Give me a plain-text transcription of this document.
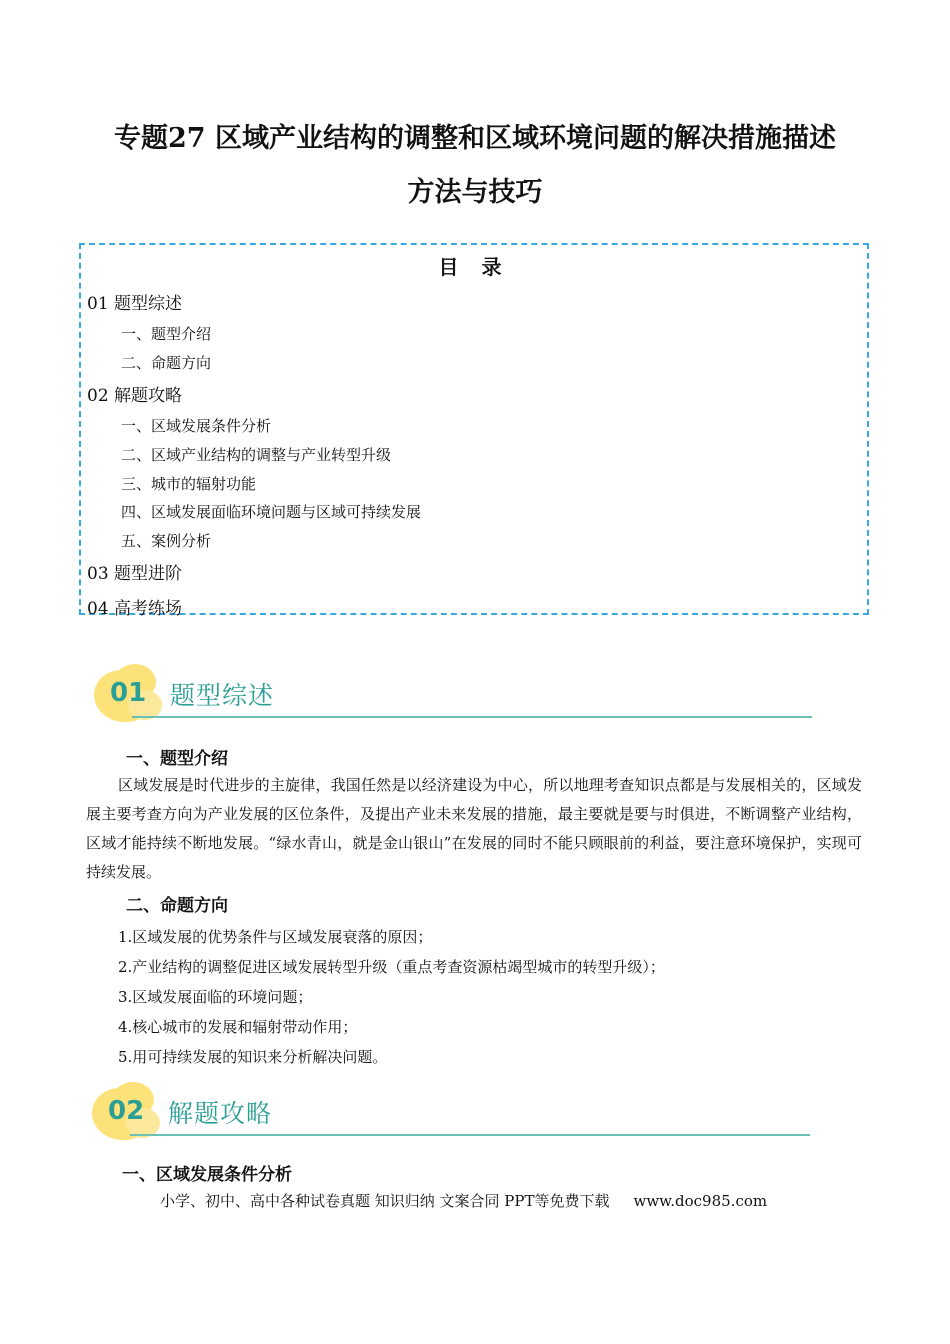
专题27 区域产业结构的调整和区域环境问题的解决措施描述
方法与技巧
目 录
01 题型综述
一、题型介绍
二、命题方向
02 解题攻略
一、区域发展条件分析
二、区域产业结构的调整与产业转型升级
三、城市的辐射功能
四、区域发展面临环境问题与区域可持续发展
五、案例分析
03 题型进阶
04 高考练场
01 题型综述
一、题型介绍
区域发展是时代进步的主旋律，我国任然是以经济建设为中心，所以地理考查知识点都是与发展相关的，区域发展主要考查方向为产业发展的区位条件，及提出产业未来发展的措施，最主要就是要与时俱进，不断调整产业结构，区域才能持续不断地发展。“绿水青山，就是金山银山”在发展的同时不能只顾眼前的利益，要注意环境保护，实现可持续发展。
二、命题方向
1.区域发展的优势条件与区域发展衰落的原因；
2.产业结构的调整促进区域发展转型升级（重点考查资源枯竭型城市的转型升级）；
3.区域发展面临的环境问题；
4.核心城市的发展和辐射带动作用；
5.用可持续发展的知识来分析解决问题。
02 解题攻略
一、区域发展条件分析
小学、初中、高中各种试卷真题 知识归纳 文案合同 PPT等免费下载 www.doc985.com
